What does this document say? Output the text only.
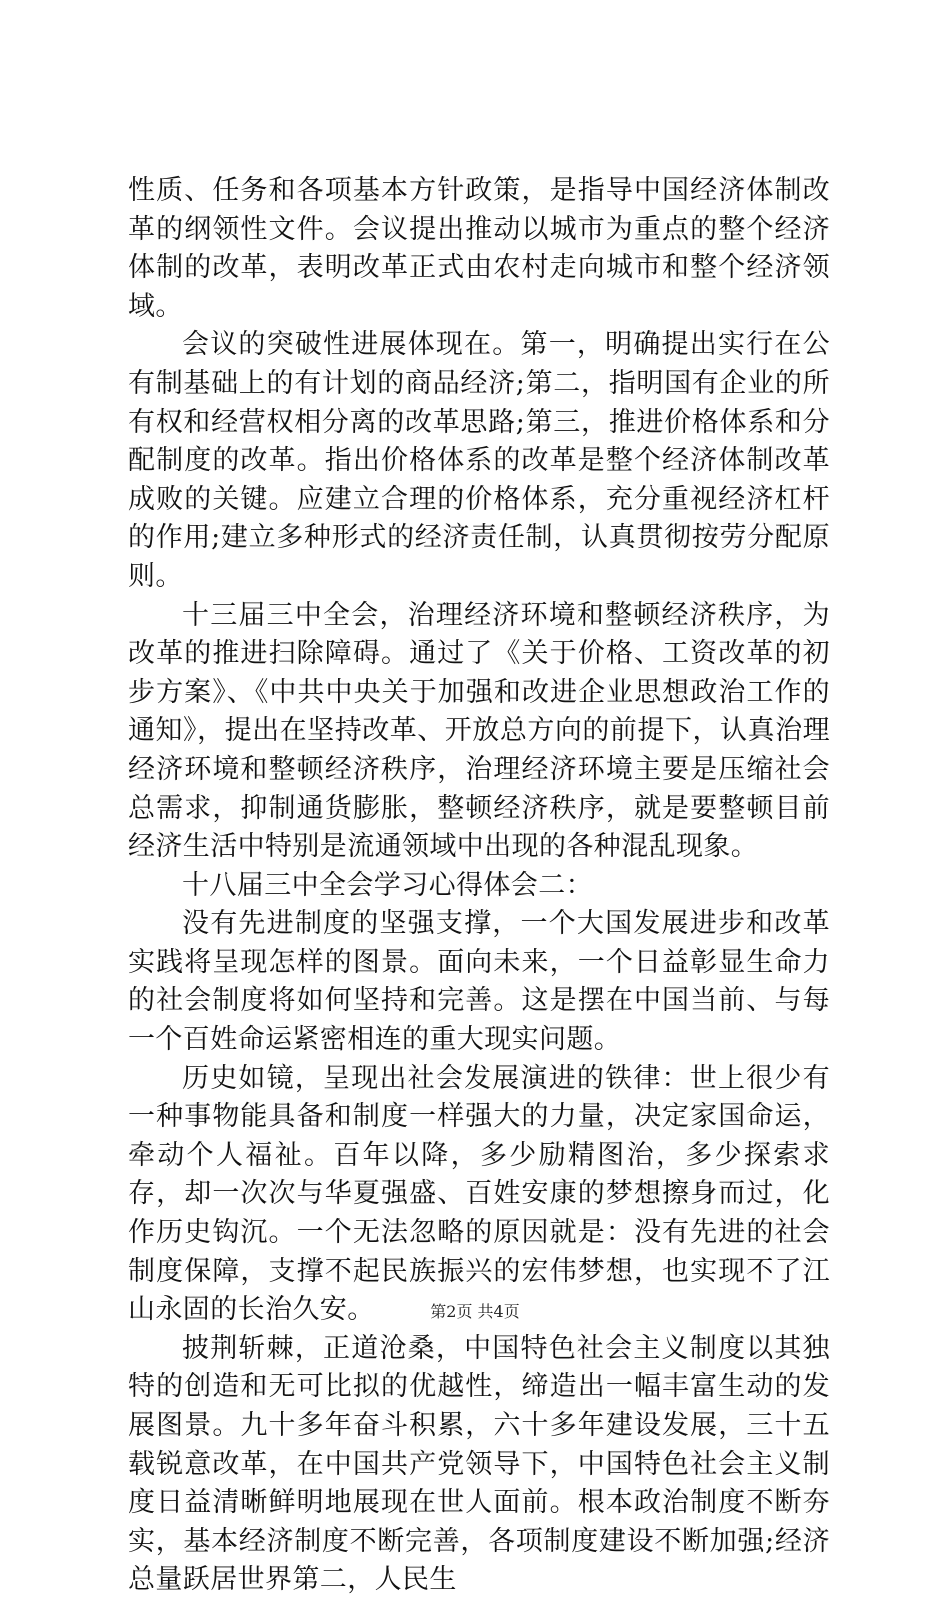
性质、任务和各项基本方针政策，是指导中国经济体制改革的纲领性文件。会议提出推动以城市为重点的整个经济体制的改革，表明改革正式由农村走向城市和整个经济领域。

会议的突破性进展体现在。第一，明确提出实行在公有制基础上的有计划的商品经济;第二，指明国有企业的所有权和经营权相分离的改革思路;第三，推进价格体系和分配制度的改革。指出价格体系的改革是整个经济体制改革成败的关键。应建立合理的价格体系，充分重视经济杠杆的作用;建立多种形式的经济责任制，认真贯彻按劳分配原则。

十三届三中全会，治理经济环境和整顿经济秩序，为改革的推进扫除障碍。通过了《关于价格、工资改革的初步方案》、《中共中央关于加强和改进企业思想政治工作的通知》，提出在坚持改革、开放总方向的前提下，认真治理经济环境和整顿经济秩序，治理经济环境主要是压缩社会总需求，抑制通货膨胀，整顿经济秩序，就是要整顿目前经济生活中特别是流通领域中出现的各种混乱现象。

十八届三中全会学习心得体会二：

没有先进制度的坚强支撑，一个大国发展进步和改革实践将呈现怎样的图景。面向未来，一个日益彰显生命力的社会制度将如何坚持和完善。这是摆在中国当前、与每一个百姓命运紧密相连的重大现实问题。

历史如镜，呈现出社会发展演进的铁律：世上很少有一种事物能具备和制度一样强大的力量，决定家国命运，牵动个人福祉。百年以降，多少励精图治，多少探索求存，却一次次与华夏强盛、百姓安康的梦想擦身而过，化作历史钩沉。一个无法忽略的原因就是：没有先进的社会制度保障，支撑不起民族振兴的宏伟梦想，也实现不了江山永固的长治久安。

披荆斩棘，正道沧桑，中国特色社会主义制度以其独特的创造和无可比拟的优越性，缔造出一幅丰富生动的发展图景。九十多年奋斗积累，六十多年建设发展，三十五载锐意改革，在中国共产党领导下，中国特色社会主义制度日益清晰鲜明地展现在世人面前。根本政治制度不断夯实，基本经济制度不断完善，各项制度建设不断加强;经济总量跃居世界第二，人民生

第2页 共4页
